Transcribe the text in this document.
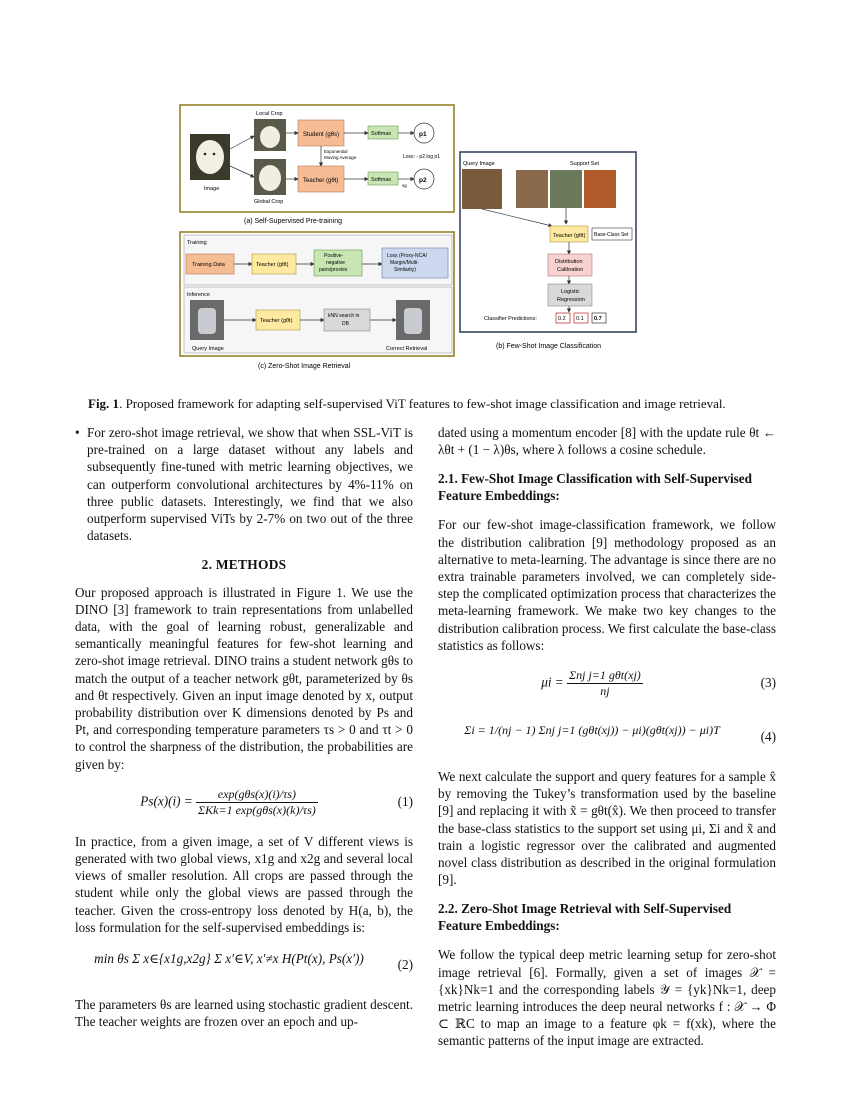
Local Crop
Image
Global Crop
Student (gθs)
Teacher (gθt)
Exponential
Moving Average
Softmax
Softmax
p1
p2
Loss: - p2 log p1
sg
(a) Self-Supervised Pre-training
Query Image	Support Set
Teacher (gθt) Base-Class Set
Distribution
Calibration
Logistic
Regression
Classifier Predictions:	0.2 0.1 0.7
(b) Few-Shot Image Classification
Training
Training Data	Teacher (gθt)
Positive-
negative
pairs/proxies
Loss (Proxy-NCA/
Margin/Multi-
Similarity)
Inference
Query Image
Teacher (gθt)
kNN search in
DB
Correct Retrieval
(c) Zero-Shot Image Retrieval
Fig. 1. Proposed framework for adapting self-supervised ViT features to few-shot image classification and image retrieval.
• For zero-shot image retrieval, we show that when SSL-ViT is pre-trained on a large dataset without any labels and subsequently fine-tuned with metric learning objectives, we can outperform convolutional architectures by 4%-11% on three public datasets. Interestingly, we find that we also outperform supervised ViTs by 2-7% on two out of the three datasets.
2. METHODS

Our proposed approach is illustrated in Figure 1. We use the DINO [3] framework to train representations from unlabelled data, with the goal of learning robust, generalizable and semantically meaningful features for few-shot learning and zero-shot image retrieval. DINO trains a student network gθs to match the output of a teacher network gθt, parameterized by θs and θt respectively. Given an input image denoted by x, output probability distribution over K dimensions denoted by Ps and Pt, and corresponding temperature parameters τs > 0 and τt > 0 to control the sharpness of the distribution, the probabilities are given by:

$Ps(x)(i) = \frac{\text{exp(gθs(x)(i)/τs)}}{\text{ΣKk=1 exp(gθs(x)(k)/τs)}}$	(1)

In practice, from a given image, a set of V different views is generated with two global views, x1g and x2g and several local views of smaller resolution. All crops are passed through the student while only the global views are passed through the teacher. Given the cross-entropy loss denoted by H(a, b), the loss formulation for the self-supervised embeddings is:

min θs Σ x∈{x1g,x2g} Σ x′∈V, x′≠x H(Pt(x), Ps(x′))	(2)

The parameters θs are learned using stochastic gradient descent. The teacher weights are frozen over an epoch and up-

dated using a momentum encoder [8] with the update rule θt ← λθt + (1 − λ)θs, where λ follows a cosine schedule.

2.1. Few-Shot Image Classification with Self-Supervised Feature Embeddings:

For our few-shot image-classification framework, we follow the distribution calibration [9] methodology proposed as an alternative to meta-learning. The advantage is since there are no extra trainable parameters involved, we can completely side-step the complicated optimization process that characterizes the meta-learning framework. We make two key changes to the distribution calibration process. We first calculate the base-class statistics as follows:

$\mu i = \frac{\text{Σnj j=1 gθt(xj)}}{nj}$	(3)
Σi = 1/(nj − 1) Σnj j=1 (gθt(xj)) − μi)(gθt(xj)) − μi)T	(4)

We next calculate the support and query features for a sample x̂ by removing the Tukey’s transformation used by the baseline [9] and replacing it with x̃ = gθt(x̂). We then proceed to transfer the base-class statistics to the support set using μi, Σi and x̃ and train a logistic regressor over the calibrated and augmented novel class distribution as described in the original formulation [9].

2.2. Zero-Shot Image Retrieval with Self-Supervised Feature Embeddings:

We follow the typical deep metric learning setup for zero-shot image retrieval [6]. Formally, given a set of images 𝒳 = {xk}Nk=1 and the corresponding labels 𝒴 = {yk}Nk=1, deep metric learning introduces the deep neural networks f : 𝒳 → Φ ⊂ ℝC to map an image to a feature φk = f(xk), where the semantic patterns of the input image are extracted.
